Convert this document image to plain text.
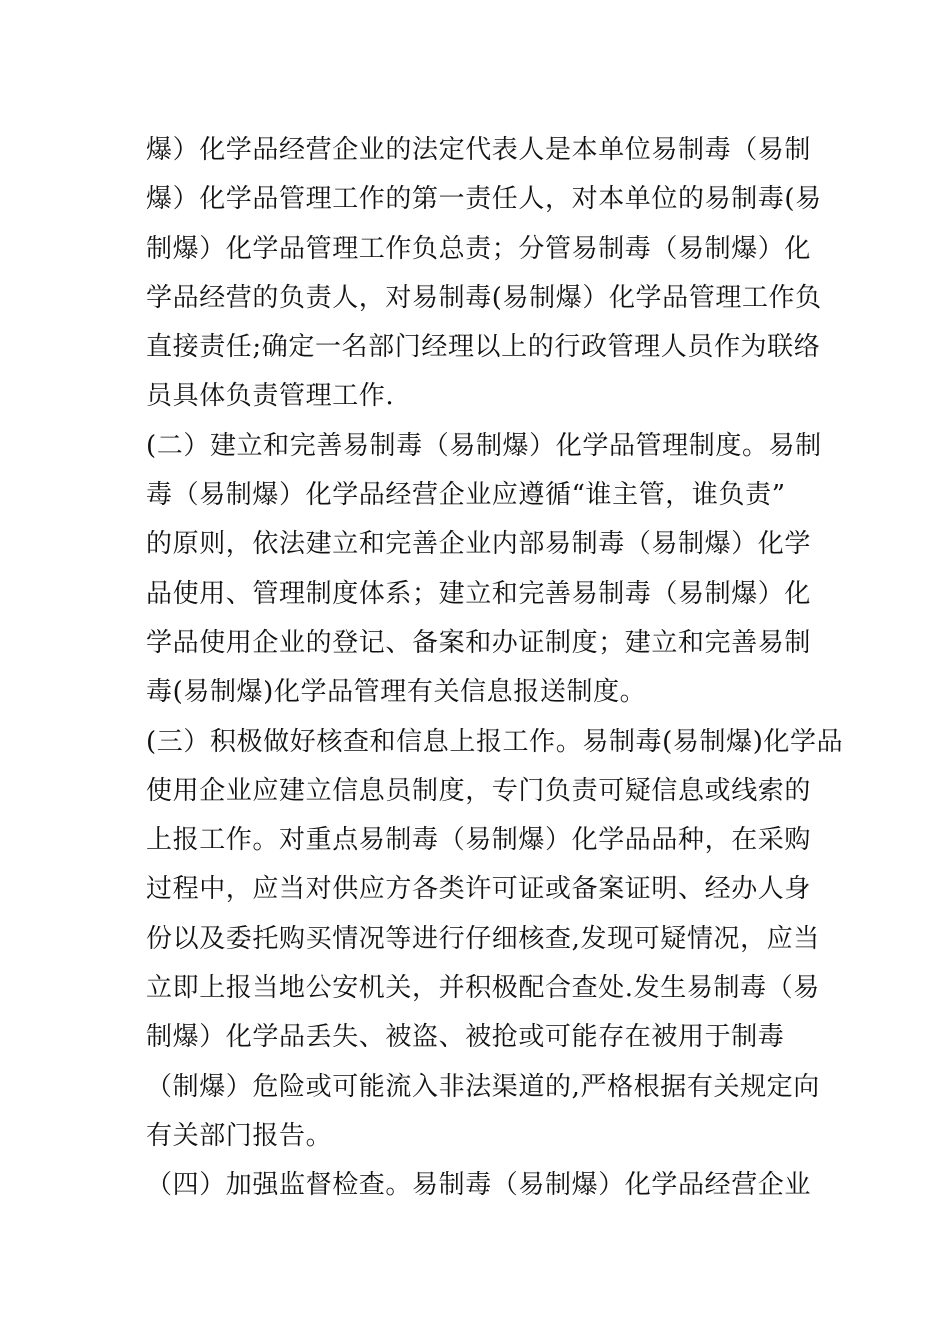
爆）化学品经营企业的法定代表人是本单位易制毒（易制
爆）化学品管理工作的第一责任人，对本单位的易制毒(易
制爆）化学品管理工作负总责；分管易制毒（易制爆）化
学品经营的负责人，对易制毒(易制爆）化学品管理工作负
直接责任;确定一名部门经理以上的行政管理人员作为联络
员具体负责管理工作.
(二）建立和完善易制毒（易制爆）化学品管理制度。易制
毒（易制爆）化学品经营企业应遵循“谁主管，谁负责”
的原则，依法建立和完善企业内部易制毒（易制爆）化学
品使用、管理制度体系；建立和完善易制毒（易制爆）化
学品使用企业的登记、备案和办证制度；建立和完善易制
毒(易制爆)化学品管理有关信息报送制度。
(三）积极做好核查和信息上报工作。易制毒(易制爆)化学品
使用企业应建立信息员制度，专门负责可疑信息或线索的
上报工作。对重点易制毒（易制爆）化学品品种，在采购
过程中，应当对供应方各类许可证或备案证明、经办人身
份以及委托购买情况等进行仔细核查,发现可疑情况，应当
立即上报当地公安机关，并积极配合查处.发生易制毒（易
制爆）化学品丢失、被盗、被抢或可能存在被用于制毒
（制爆）危险或可能流入非法渠道的,严格根据有关规定向
有关部门报告。
（四）加强监督检查。易制毒（易制爆）化学品经营企业
